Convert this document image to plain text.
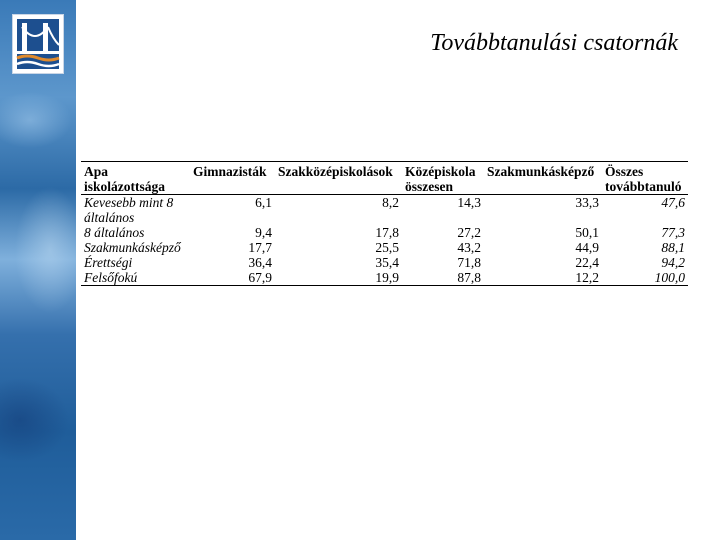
Továbbtanulási csatornák
Apa iskolázottsága	Gimnazisták	Szakközépiskolások	Középiskola összesen	Szakmunkásképző	Összes továbbtanuló
Kevesebb mint 8 általános	6,1	8,2	14,3	33,3	47,6
8 általános	9,4	17,8	27,2	50,1	77,3
Szakmunkásképző	17,7	25,5	43,2	44,9	88,1
Érettségi	36,4	35,4	71,8	22,4	94,2
Felsőfokú	67,9	19,9	87,8	12,2	100,0
